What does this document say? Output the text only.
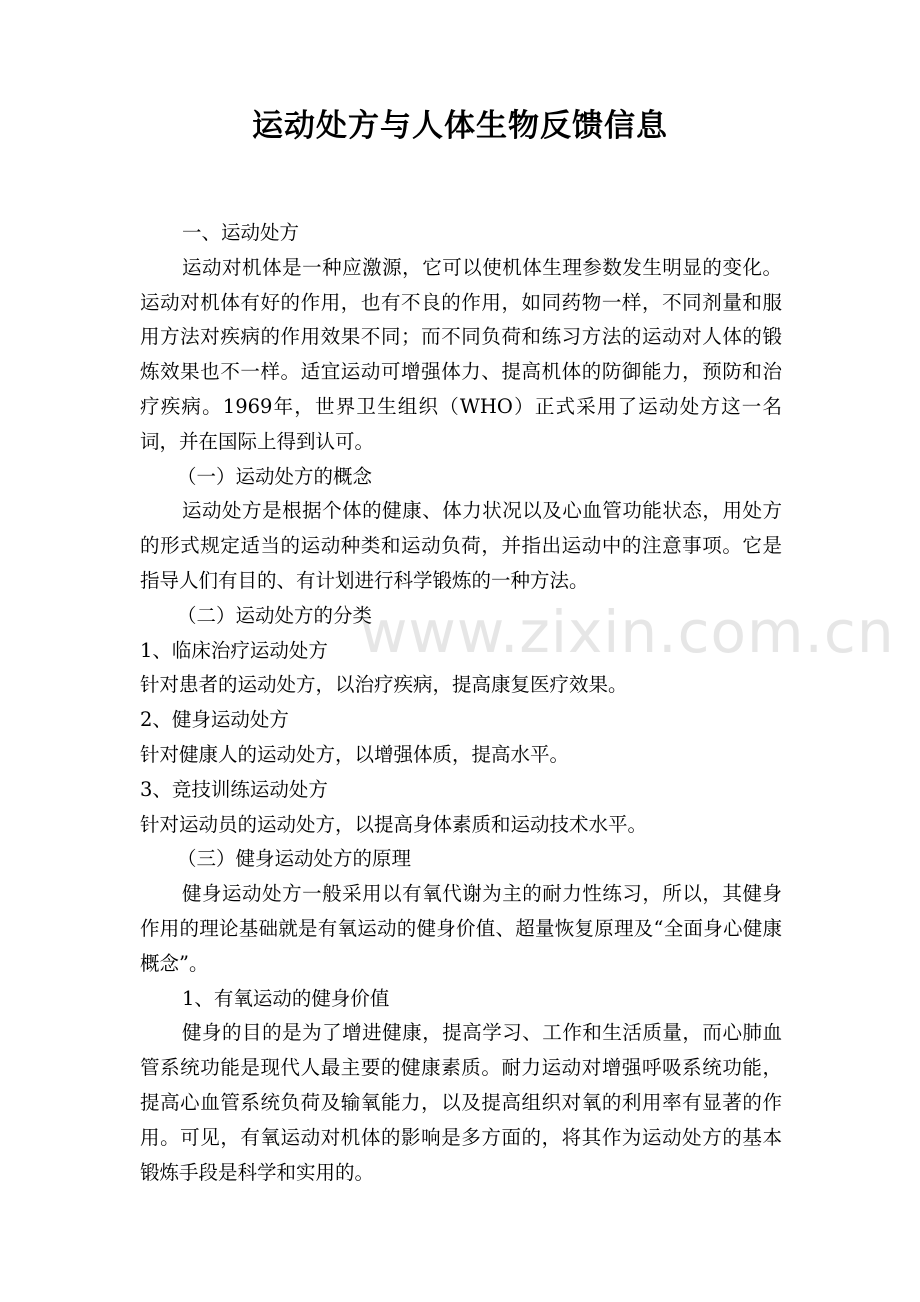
www.zixin.com.cn
运动处方与人体生物反馈信息

一、运动处方

运动对机体是一种应激源，它可以使机体生理参数发生明显的变化。运动对机体有好的作用，也有不良的作用，如同药物一样，不同剂量和服用方法对疾病的作用效果不同；而不同负荷和练习方法的运动对人体的锻炼效果也不一样。适宜运动可增强体力、提高机体的防御能力，预防和治疗疾病。1969年，世界卫生组织（WHO）正式采用了运动处方这一名词，并在国际上得到认可。

（一）运动处方的概念

运动处方是根据个体的健康、体力状况以及心血管功能状态，用处方的形式规定适当的运动种类和运动负荷，并指出运动中的注意事项。它是指导人们有目的、有计划进行科学锻炼的一种方法。

（二）运动处方的分类

1、临床治疗运动处方

针对患者的运动处方，以治疗疾病，提高康复医疗效果。

2、健身运动处方

针对健康人的运动处方，以增强体质，提高水平。

3、竞技训练运动处方

针对运动员的运动处方，以提高身体素质和运动技术水平。

（三）健身运动处方的原理

健身运动处方一般采用以有氧代谢为主的耐力性练习，所以，其健身作用的理论基础就是有氧运动的健身价值、超量恢复原理及“全面身心健康概念”。

1、有氧运动的健身价值

健身的目的是为了增进健康，提高学习、工作和生活质量，而心肺血管系统功能是现代人最主要的健康素质。耐力运动对增强呼吸系统功能，提高心血管系统负荷及输氧能力，以及提高组织对氧的利用率有显著的作用。可见，有氧运动对机体的影响是多方面的，将其作为运动处方的基本锻炼手段是科学和实用的。
